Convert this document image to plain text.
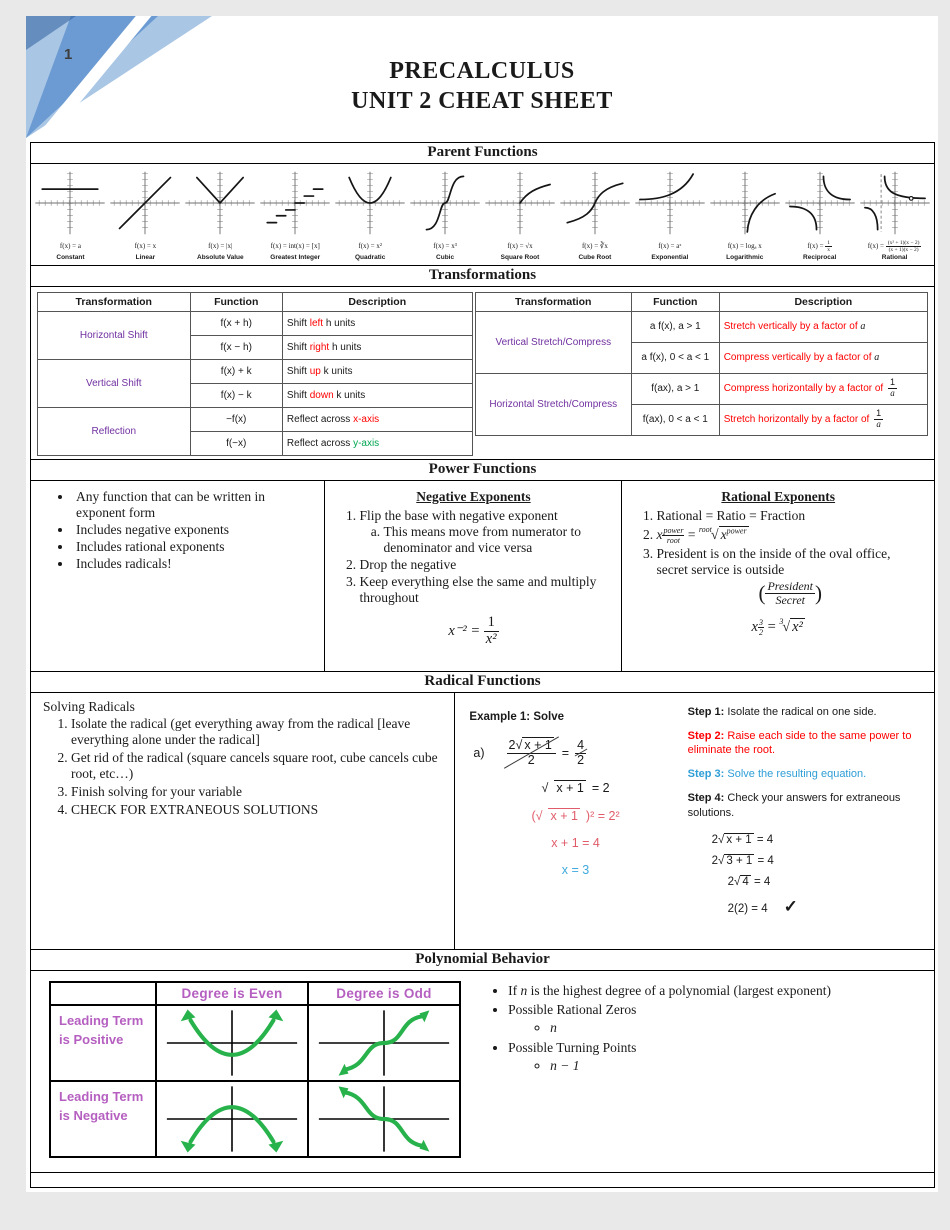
1
PRECALCULUS
UNIT 2 CHEAT SHEET
Parent Functions
f(x) = a
Constant
f(x) = x
Linear
f(x) = |x|
Absolute Value
f(x) = int(x) = [x]
Greatest Integer
f(x) = x²
Quadratic
f(x) = x³
Cubic
f(x) = √x
Square Root
f(x) = ∛x
Cube Root
f(x) = aˣ
Exponential
f(x) = logₐ x
Logarithmic
f(x) =
$\frac{1}{x}$
Reciprocal
f(x) =
$\frac{\text{(x² + 1)(x − 2)}}{(x + 1)(x - 2)}$
Rational
Transformations
Transformation	Function	Description
Horizontal Shift	f(x + h)	Shift left h units
	f(x − h)	Shift right h units
Vertical Shift	f(x) + k	Shift up k units
	f(x) − k	Shift down k units
Reflection	−f(x)	Reflect across x-axis
	f(−x)	Reflect across y-axis
Transformation	Function	Description
Vertical Stretch/Compress	a f(x), a > 1	Stretch vertically by a factor of a
	a f(x), 0 < a < 1	Compress vertically by a factor of a
Horizontal Stretch/Compress	f(ax), a > 1	Compress horizontally by a factor of $\frac{1}{a}$

	f(ax), 0 < a < 1	Stretch horizontally by a factor of $\frac{1}{a}$
Power Functions
• Any function that can be written in exponent form
• Includes negative exponents
• Includes rational exponents
• Includes radicals!
Negative Exponents
1. Flip the base with negative exponent
a. This means move from numerator to denominator and vice versa
2. Drop the negative
3. Keep everything else the same and multiply throughout
$x^{-2} = \frac{1}{\text{x²}}$
Rational Exponents
1. Rational = Ratio = Fraction
2. x $\frac{\text{power}}{\text{root}} = ^{root}√$ $x^{power}$
3. President is on the inside of the oval office, secret service is outside
( $\frac{\text{President}}{\text{Secret}}$ )
x $\frac{3}{2} = ^3√$ x²
Radical Functions
Solving Radicals
1. Isolate the radical (get everything away from the radical [leave everything alone under the radical]
2. Get rid of the radical (square cancels square root, cube cancels cube root, etc…)
3. Finish solving for your variable
4. CHECK FOR EXTRANEOUS SOLUTIONS
Example 1: Solve
$a) \frac{2√ x + 1}{2} = \frac{4}{2}$
√ x + 1 = 2
(√ x + 1 )² = 2²
x + 1 = 4
x = 3
Step 1: Isolate the radical on one side.
Step 2: Raise each side to the same power to eliminate the root.
Step 3: Solve the resulting equation.
Step 4: Check your answers for extraneous solutions.
2√ x + 1 = 4
2√ 3 + 1 = 4
2√ 4 = 4
2(2) = 4 ✓
Polynomial Behavior
	Degree is Even	Degree is Odd
Leading Term is Positive	

Leading Term is Negative	

• If n is the highest degree of a polynomial (largest exponent)
• Possible Rational Zeros
◦ n
• Possible Turning Points
◦ n − 1
